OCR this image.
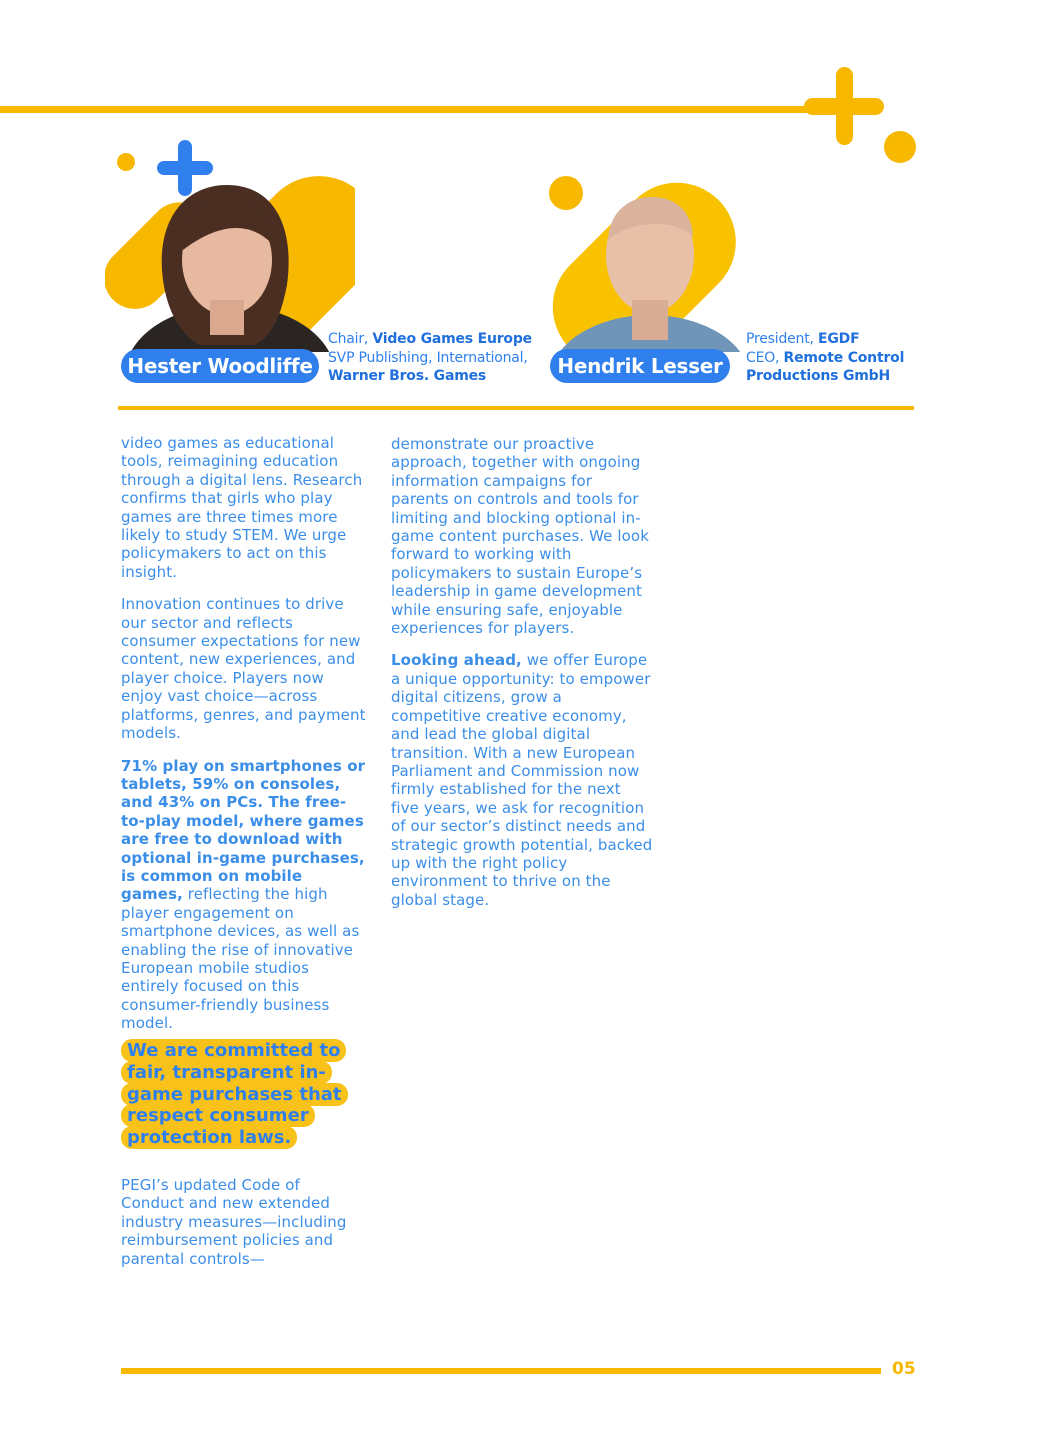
Hester Woodliffe
Chair, Video Games Europe
SVP Publishing, International,
Warner Bros. Games	Hendrik Lesser
President, EGDF
CEO, Remote Control
Productions GmbH

video games as educational tools, reimagining education through a digital lens. Research confirms that girls who play games are three times more likely to study STEM. We urge policymakers to act on this insight.

Innovation continues to drive our sector and reflects consumer expectations for new content, new experiences, and player choice. Players now enjoy vast choice—across platforms, genres, and payment models.

71% play on smartphones or tablets, 59% on consoles, and 43% on PCs. The free-to-play model, where games are free to download with optional in-game purchases, is common on mobile games, reflecting the high player engagement on smartphone devices, as well as enabling the rise of innovative European mobile studios entirely focused on this consumer-friendly business model.

We are committed to fair, transparent in-game purchases that respect consumer protection laws.

PEGI’s updated Code of Conduct and new extended industry measures—including reimbursement policies and parental controls—

demonstrate our proactive approach, together with ongoing information campaigns for parents on controls and tools for limiting and blocking optional in-game content purchases. We look forward to working with policymakers to sustain Europe’s leadership in game development while ensuring safe, enjoyable experiences for players.

Looking ahead, we offer Europe a unique opportunity: to empower digital citizens, grow a competitive creative economy, and lead the global digital transition. With a new European Parliament and Commission now firmly established for the next five years, we ask for recognition of our sector’s distinct needs and strategic growth potential, backed up with the right policy environment to thrive on the global stage.

05
